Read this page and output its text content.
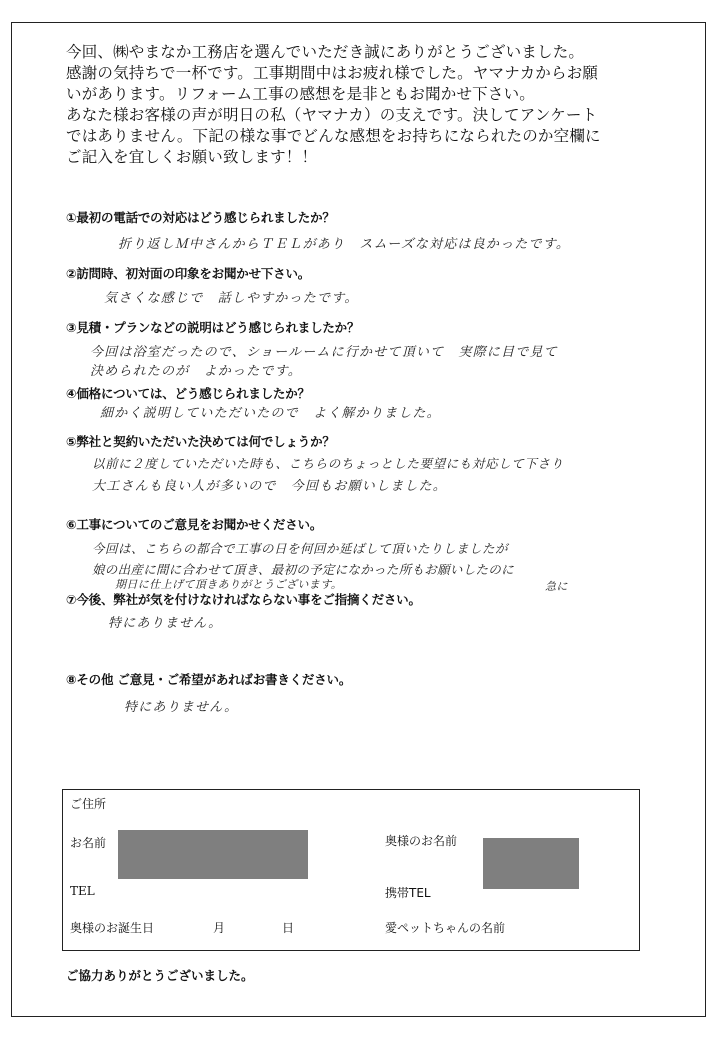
今回、㈱やまなか工務店を選んでいただき誠にありがとうございました。
感謝の気持ちで一杯です。工事期間中はお疲れ様でした。ヤマナカからお願
いがあります。リフォーム工事の感想を是非ともお聞かせ下さい。
あなた様お客様の声が明日の私（ヤマナカ）の支えです。決してアンケート
ではありません。下記の様な事でどんな感想をお持ちになられたのか空欄に
ご記入を宜しくお願い致します！！
①最初の電話での対応はどう感じられましたか？
折り返しＭ中さんからＴＥＬがあり　スムーズな対応は良かったです。
②訪問時、初対面の印象をお聞かせ下さい。
気さくな感じで　話しやすかったです。
③見積・プランなどの説明はどう感じられましたか？
今回は浴室だったので、ショールームに行かせて頂いて　実際に目で見て
決められたのが　よかったです。
④価格については、どう感じられましたか？
細かく説明していただいたので　よく解かりました。
⑤弊社と契約いただいた決めては何でしょうか？
以前に２度していただいた時も、こちらのちょっとした要望にも対応して下さり
大工さんも良い人が多いので　今回もお願いしました。
⑥工事についてのご意見をお聞かせください。
今回は、こちらの都合で工事の日を何回か延ばして頂いたりしましたが
娘の出産に間に合わせて頂き、最初の予定になかった所もお願いしたのに
期日に仕上げて頂きありがとうございます。	急に
⑦今後、弊社が気を付けなければならない事をご指摘ください。
特にありません。
⑧その他 ご意見・ご希望があればお書きください。
特にありません。
ご住所
お名前	奥様のお名前
TEL	携帯TEL
奥様のお誕生日	月	日	愛ペットちゃんの名前
ご協力ありがとうございました。
